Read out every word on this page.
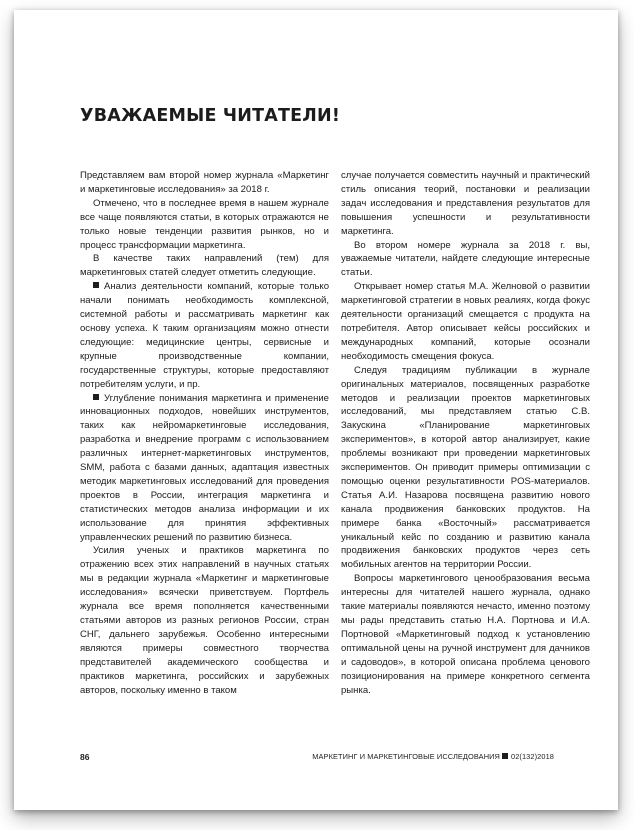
УВАЖАЕМЫЕ ЧИТАТЕЛИ!

Представляем вам второй номер журнала «Маркетинг и маркетинговые исследования» за 2018 г.

Отмечено, что в последнее время в нашем журнале все чаще появляются статьи, в которых отражаются не только новые тенденции развития рынков, но и процесс трансформации маркетинга.

В качестве таких направлений (тем) для маркетинговых статей следует отметить следующие.

Анализ деятельности компаний, которые только начали понимать необходимость комплексной, системной работы и рассматривать маркетинг как основу успеха. К таким организациям можно отнести следующие: медицинские центры, сервисные и крупные производственные компании, государственные структуры, которые предоставляют потребителям услуги, и пр.

Углубление понимания маркетинга и применение инновационных подходов, новейших инструментов, таких как нейромаркетинговые исследования, разработка и внедрение программ с использованием различных интернет-маркетинговых инструментов, SMM, работа с базами данных, адаптация известных методик маркетинговых исследований для проведения проектов в России, интеграция маркетинга и статистических методов анализа информации и их использование для принятия эффективных управленческих решений по развитию бизнеса.

Усилия ученых и практиков маркетинга по отражению всех этих направлений в научных статьях мы в редакции журнала «Маркетинг и маркетинговые исследования» всячески приветствуем. Портфель журнала все время пополняется качественными статьями авторов из разных регионов России, стран СНГ, дальнего зарубежья. Особенно интересными являются примеры совместного творчества представителей академического сообщества и практиков маркетинга, российских и зарубежных авторов, поскольку именно в таком

случае получается совместить научный и практический стиль описания теорий, постановки и реализации задач исследования и представления результатов для повышения успешности и результативности маркетинга.

Во втором номере журнала за 2018 г. вы, уважаемые читатели, найдете следующие интересные статьи.

Открывает номер статья М.А. Желновой о развитии маркетинговой стратегии в новых реалиях, когда фокус деятельности организаций смещается с продукта на потребителя. Автор описывает кейсы российских и международных компаний, которые осознали необходимость смещения фокуса.

Следуя традициям публикации в журнале оригинальных материалов, посвященных разработке методов и реализации проектов маркетинговых исследований, мы представляем статью С.В. Закускина «Планирование маркетинговых экспериментов», в которой автор анализирует, какие проблемы возникают при проведении маркетинговых экспериментов. Он приводит примеры оптимизации с помощью оценки результативности POS-материалов. Статья А.И. Назарова посвящена развитию нового канала продвижения банковских продуктов. На примере банка «Восточный» рассматривается уникальный кейс по созданию и развитию канала продвижения банковских продуктов через сеть мобильных агентов на территории России.

Вопросы маркетингового ценообразования весьма интересны для читателей нашего журнала, однако такие материалы появляются нечасто, именно поэтому мы рады представить статью Н.А. Портнова и И.А. Портновой «Маркетинговый подход к установлению оптимальной цены на ручной инструмент для дачников и садоводов», в которой описана проблема ценового позиционирования на примере конкретного сегмента рынка.

86	МАРКЕТИНГ И МАРКЕТИНГОВЫЕ ИССЛЕДОВАНИЯ 02(132)2018
